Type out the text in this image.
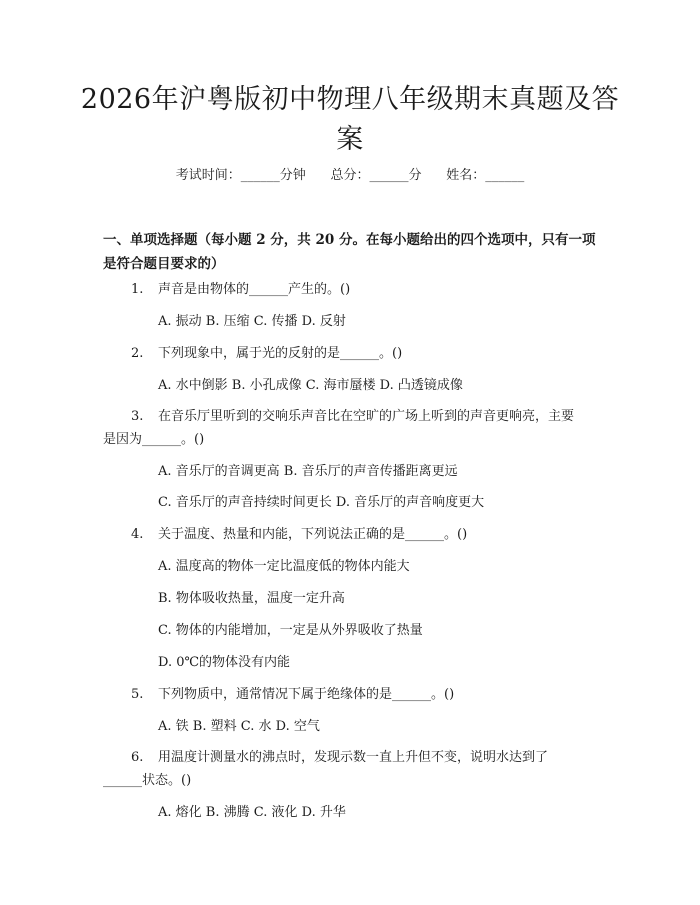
2026年沪粤版初中物理八年级期末真题及答
案
考试时间：______分钟      总分：______分      姓名：______
一、单项选择题（每小题 2 分，共 20 分。在每小题给出的四个选项中，只有一项
是符合题目要求的）
1. 声音是由物体的______产生的。()
A. 振动 B. 压缩 C. 传播 D. 反射
2. 下列现象中，属于光的反射的是______。()
A. 水中倒影 B. 小孔成像 C. 海市蜃楼 D. 凸透镜成像
3. 在音乐厅里听到的交响乐声音比在空旷的广场上听到的声音更响亮，主要
是因为______。()
A. 音乐厅的音调更高 B. 音乐厅的声音传播距离更远
C. 音乐厅的声音持续时间更长 D. 音乐厅的声音响度更大
4. 关于温度、热量和内能，下列说法正确的是______。()
A. 温度高的物体一定比温度低的物体内能大
B. 物体吸收热量，温度一定升高
C. 物体的内能增加，一定是从外界吸收了热量
D. 0℃的物体没有内能
5. 下列物质中，通常情况下属于绝缘体的是______。()
A. 铁 B. 塑料 C. 水 D. 空气
6. 用温度计测量水的沸点时，发现示数一直上升但不变，说明水达到了
______状态。()
A. 熔化 B. 沸腾 C. 液化 D. 升华
